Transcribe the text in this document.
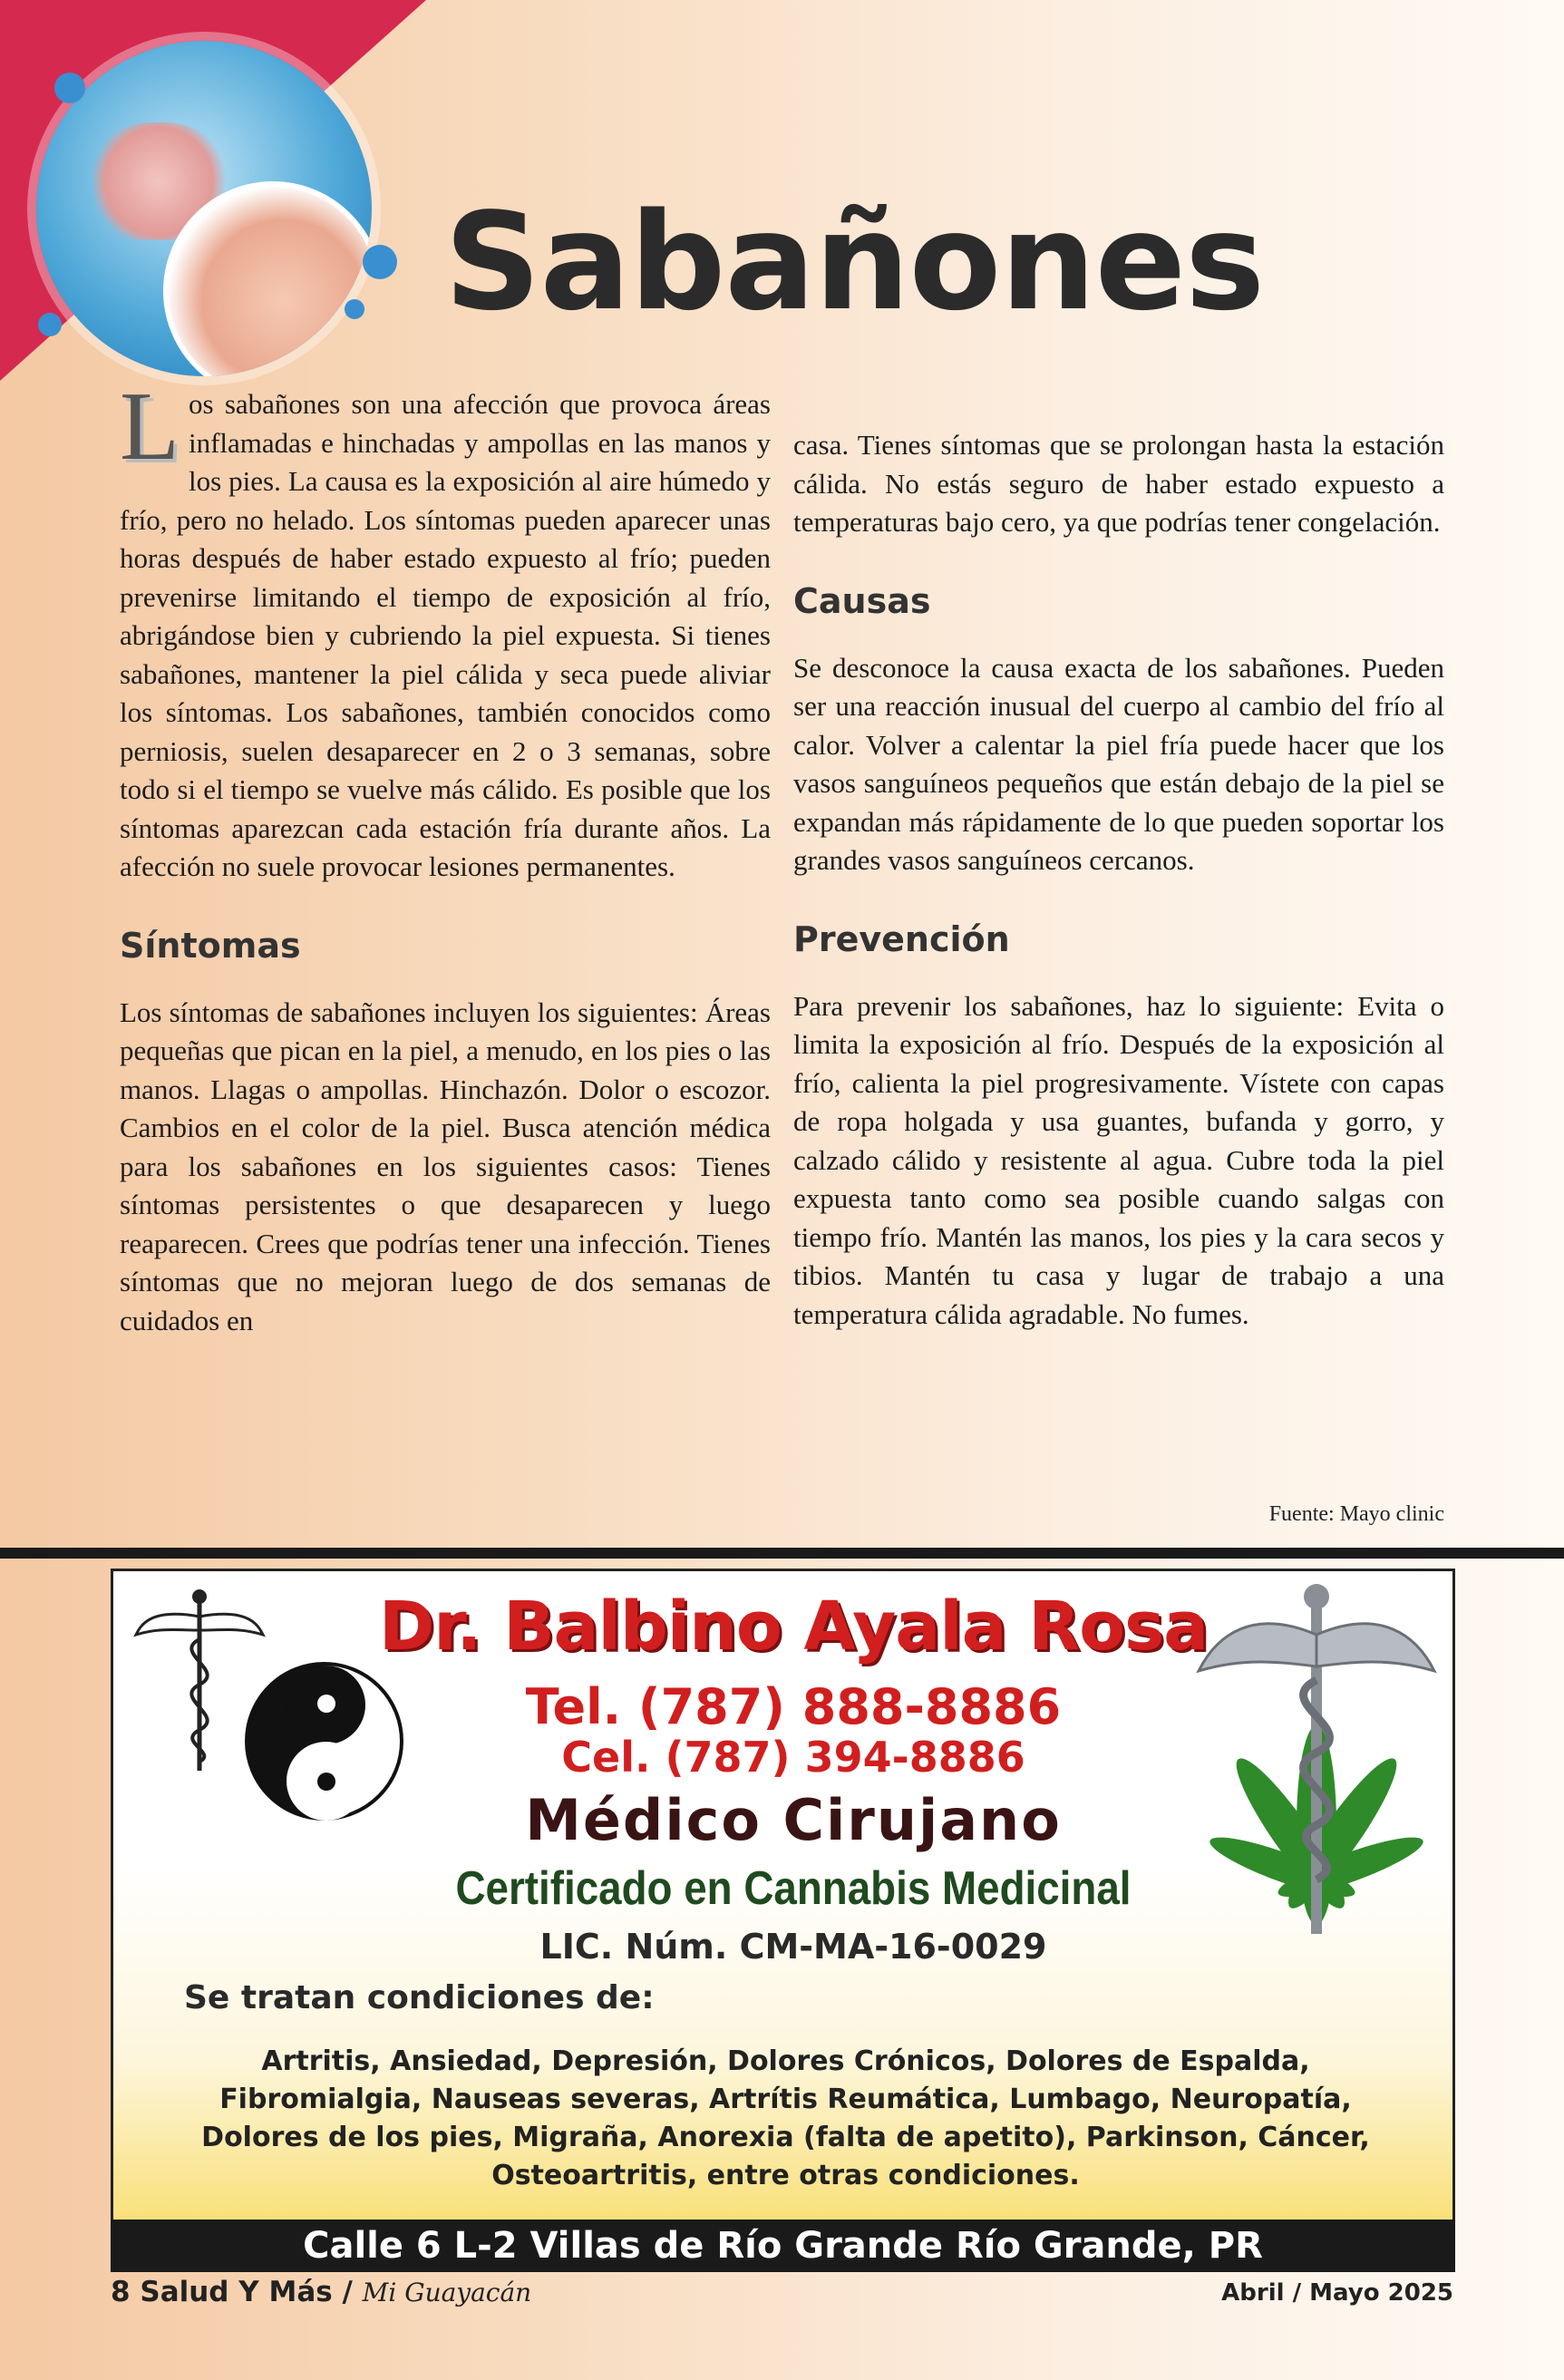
Sabañones

Los sabañones son una afección que provoca áreas inflamadas e hinchadas y ampollas en las manos y los pies. La causa es la exposición al aire húmedo y frío, pero no helado. Los síntomas pueden aparecer unas horas después de haber estado expuesto al frío; pueden prevenirse limitando el tiempo de exposición al frío, abrigándose bien y cubriendo la piel expuesta. Si tienes sabañones, mantener la piel cálida y seca puede aliviar los síntomas. Los sabañones, también conocidos como perniosis, suelen desaparecer en 2 o 3 semanas, sobre todo si el tiempo se vuelve más cálido. Es posible que los síntomas aparezcan cada estación fría durante años. La afección no suele provocar lesiones permanentes.

Síntomas

Los síntomas de sabañones incluyen los siguientes: Áreas pequeñas que pican en la piel, a menudo, en los pies o las manos. Llagas o ampollas. Hinchazón. Dolor o escozor. Cambios en el color de la piel. Busca atención médica para los sabañones en los siguientes casos: Tienes síntomas persistentes o que desaparecen y luego reaparecen. Crees que podrías tener una infección. Tienes síntomas que no mejoran luego de dos semanas de cuidados en

casa. Tienes síntomas que se prolongan hasta la estación cálida. No estás seguro de haber estado expuesto a temperaturas bajo cero, ya que podrías tener congelación.

Causas

Se desconoce la causa exacta de los sabañones. Pueden ser una reacción inusual del cuerpo al cambio del frío al calor. Volver a calentar la piel fría puede hacer que los vasos sanguíneos pequeños que están debajo de la piel se expandan más rápidamente de lo que pueden soportar los grandes vasos sanguíneos cercanos.

Prevención

Para prevenir los sabañones, haz lo siguiente: Evita o limita la exposición al frío. Después de la exposición al frío, calienta la piel progresivamente. Vístete con capas de ropa holgada y usa guantes, bufanda y gorro, y calzado cálido y resistente al agua. Cubre toda la piel expuesta tanto como sea posible cuando salgas con tiempo frío. Mantén las manos, los pies y la cara secos y tibios. Mantén tu casa y lugar de trabajo a una temperatura cálida agradable. No fumes.

Fuente: Mayo clinic
Dr. Balbino Ayala Rosa
Tel. (787) 888-8886
Cel. (787) 394-8886
Médico Cirujano
Certificado en Cannabis Medicinal
LIC. Núm. CM-MA-16-0029
Se tratan condiciones de:
Artritis, Ansiedad, Depresión, Dolores Crónicos, Dolores de Espalda,
Fibromialgia, Nauseas severas, Artrítis Reumática, Lumbago, Neuropatía,
Dolores de los pies, Migraña, Anorexia (falta de apetito), Parkinson, Cáncer,
Osteoartritis, entre otras condiciones.
Calle 6 L-2 Villas de Río Grande Río Grande, PR
8 Salud Y Más / Mi Guayacán	Abril / Mayo 2025
